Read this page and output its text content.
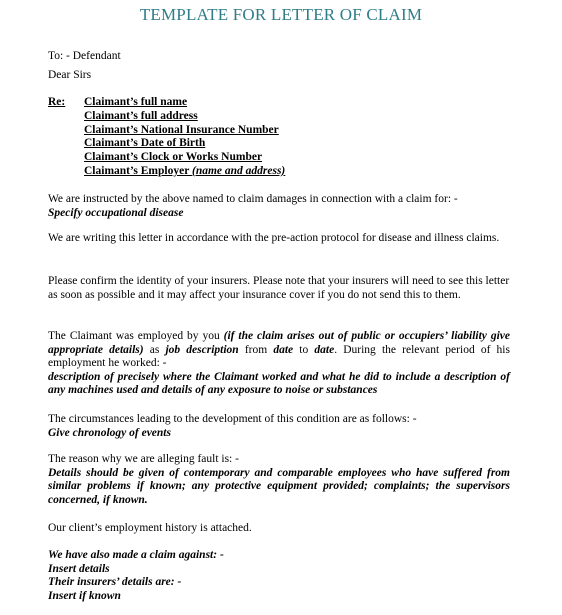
TEMPLATE FOR LETTER OF CLAIM
To: - Defendant
Dear Sirs
Re: Claimant’s full name
Claimant’s full address
Claimant’s National Insurance Number
Claimant’s Date of Birth
Claimant’s Clock or Works Number
Claimant’s Employer (name and address)
We are instructed by the above named to claim damages in connection with a claim for: -
Specify occupational disease
We are writing this letter in accordance with the pre-action protocol for disease and illness claims.
Please confirm the identity of your insurers. Please note that your insurers will need to see this letter as soon as possible and it may affect your insurance cover if you do not send this to them.
The Claimant was employed by you (if the claim arises out of public or occupiers’ liability give appropriate details) as job description from date to date. During the relevant period of his employment he worked: -
description of precisely where the Claimant worked and what he did to include a description of any machines used and details of any exposure to noise or substances
The circumstances leading to the development of this condition are as follows: -
Give chronology of events
The reason why we are alleging fault is: -
Details should be given of contemporary and comparable employees who have suffered from similar problems if known; any protective equipment provided; complaints; the supervisors concerned, if known.
Our client’s employment history is attached.
We have also made a claim against: -
Insert details
Their insurers’ details are: -
Insert if known
